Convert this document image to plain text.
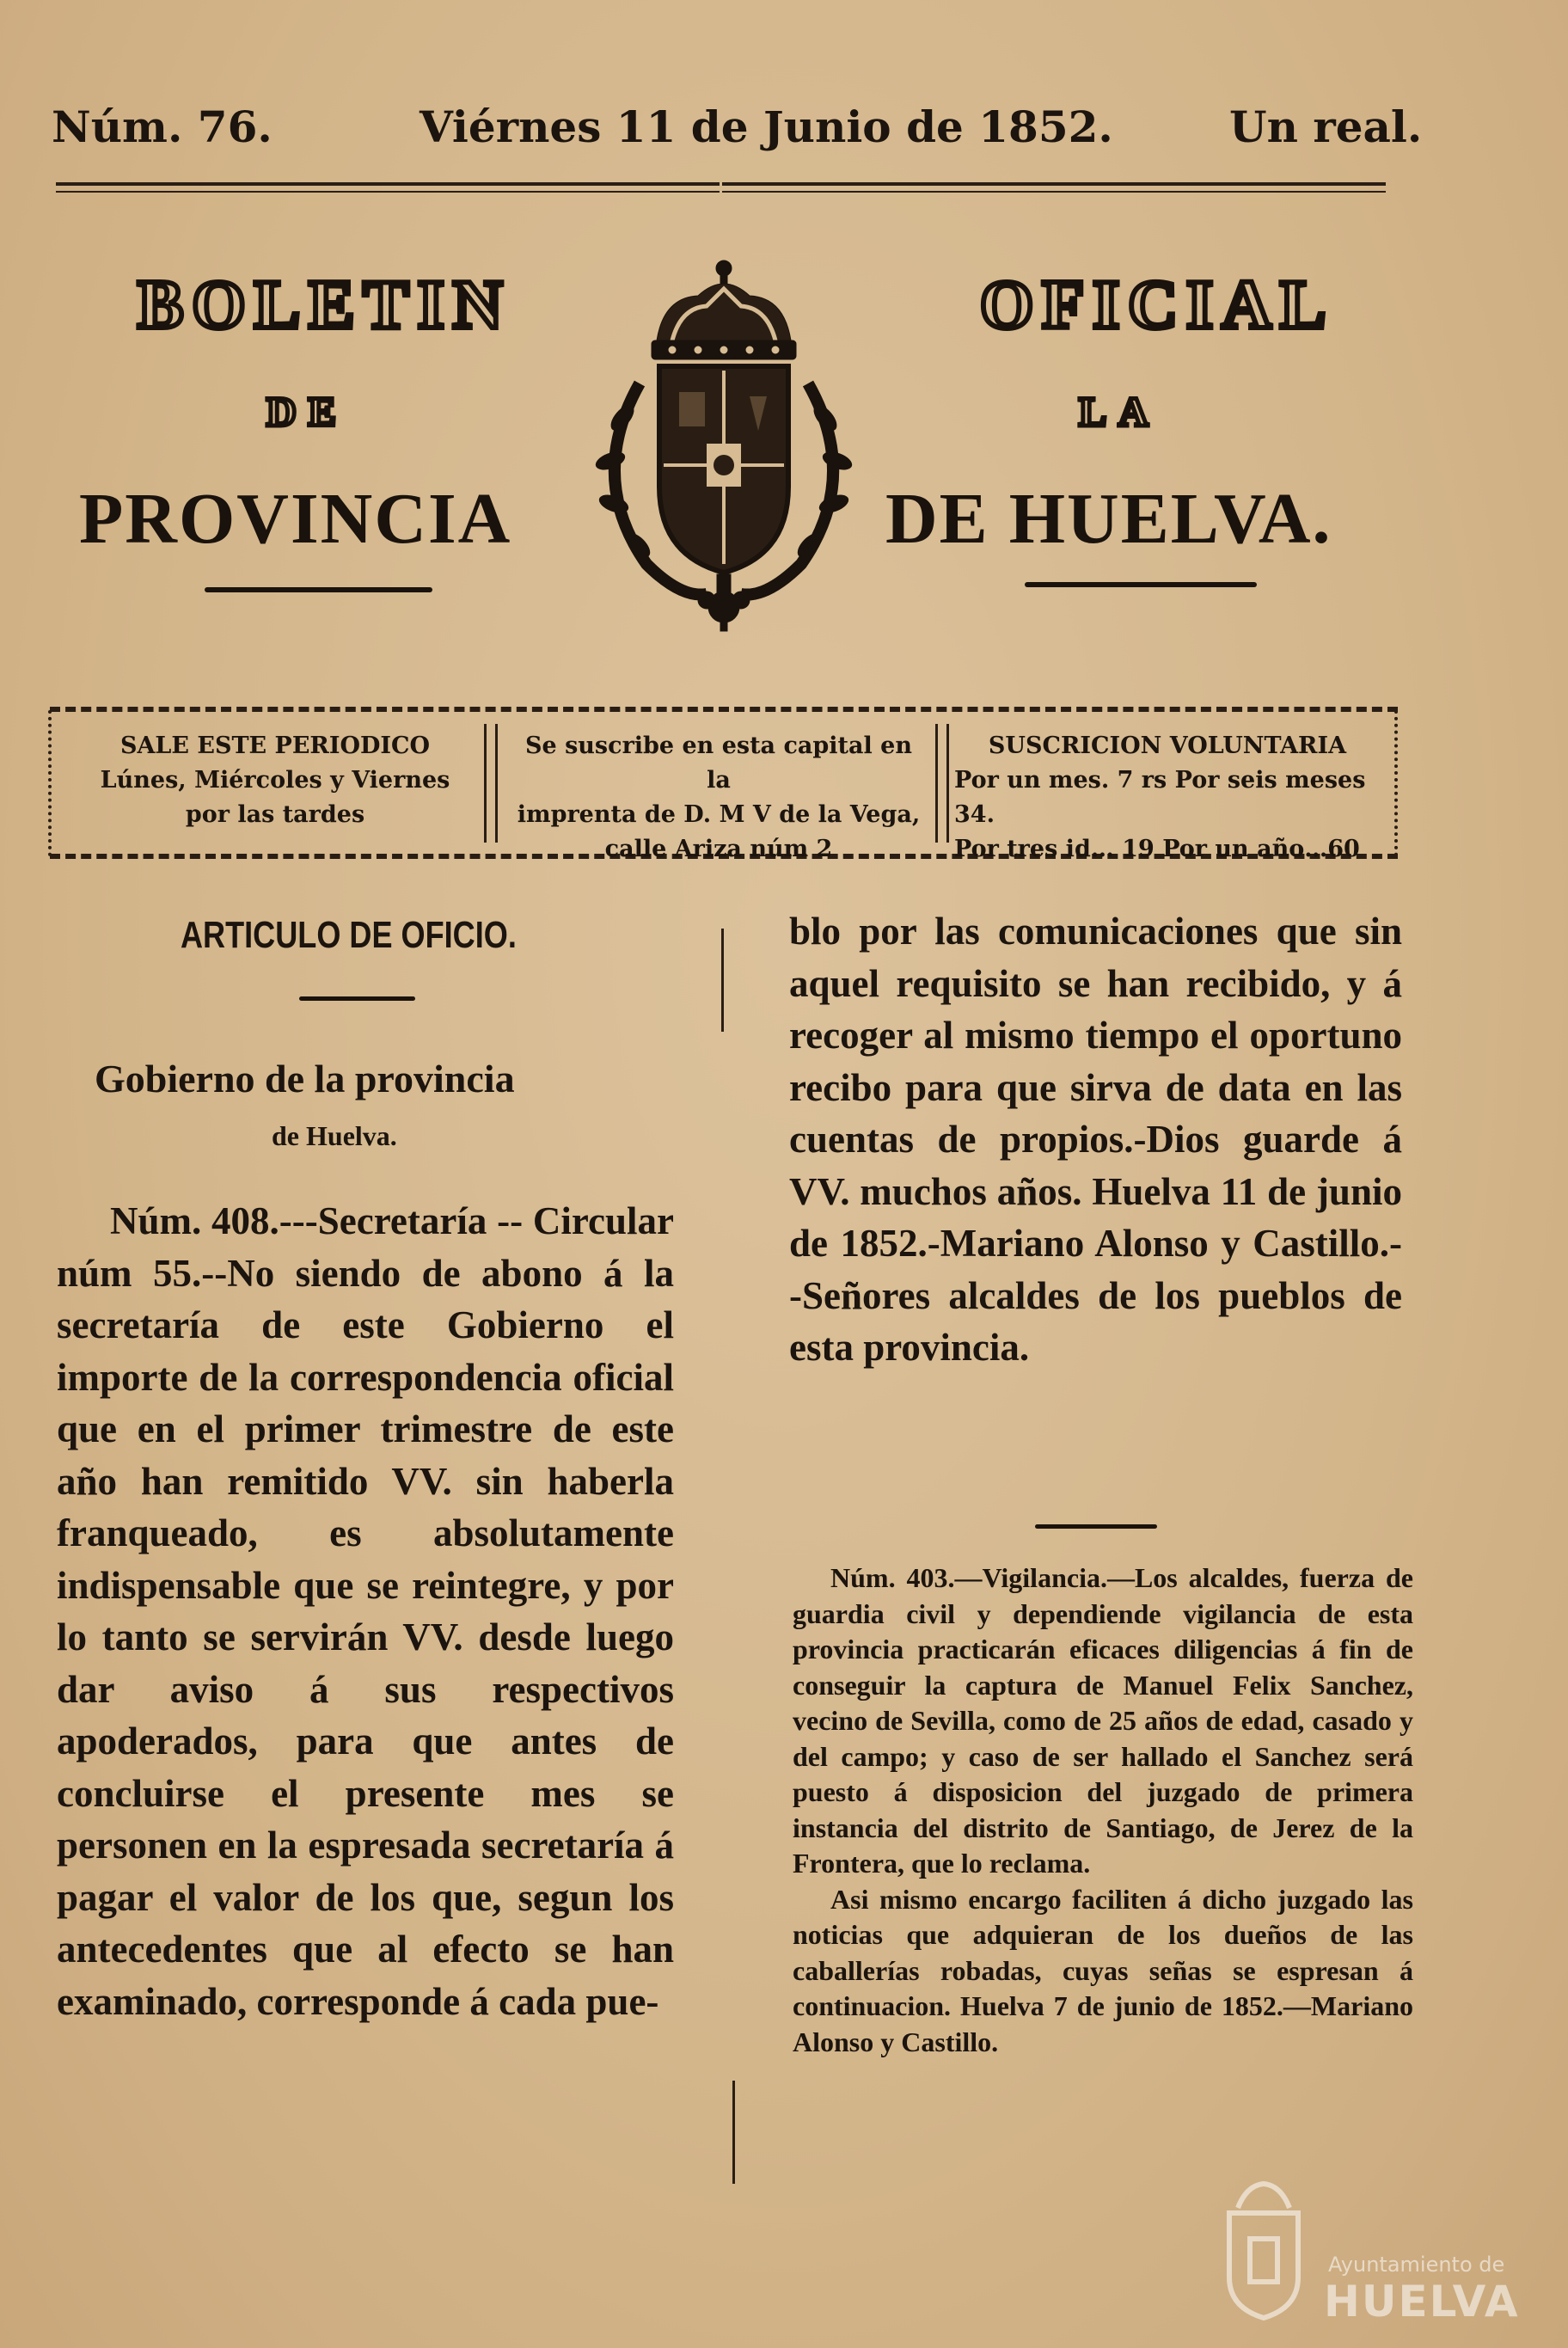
Núm. 76.	Viérnes 11 de Junio de 1852.	Un real.
BOLETIN	OFICIAL
DE	LA
PROVINCIA	DE HUELVA.
SALE ESTE PERIODICO
Lúnes, Miércoles y Viernes
por las tardes
Se suscribe en esta capital en la
imprenta de D. M V de la Vega,
calle Ariza núm 2
SUSCRICION VOLUNTARIA
Por un mes. 7 rs Por seis meses 34.
Por tres id… 19 Por un año…60
ARTICULO DE OFICIO.
Gobierno de la provincia
de Huelva.

Núm. 408.---Secretaría -- Circular núm 55.--No siendo de abono á la secretaría de este Gobierno el importe de la correspondencia oficial que en el primer trimestre de este año han remitido VV. sin haberla franqueado, es absolutamente indispensable que se reintegre, y por lo tanto se servirán VV. desde luego dar aviso á sus respectivos apoderados, para que antes de concluirse el presente mes se personen en la espresada secretaría á pagar el valor de los que, segun los antecedentes que al efecto se han examinado, corresponde á cada pue-

blo por las comunicaciones que sin aquel requisito se han recibido, y á recoger al mismo tiempo el oportuno recibo para que sirva de data en las cuentas de propios.-Dios guarde á VV. muchos años. Huelva 11 de junio de 1852.-Mariano Alonso y Castillo.--Señores alcaldes de los pueblos de esta provincia.

Núm. 403.—Vigilancia.—Los alcaldes, fuerza de guardia civil y dependiende vigilancia de esta provincia practicarán eficaces diligencias á fin de conseguir la captura de Manuel Felix Sanchez, vecino de Sevilla, como de 25 años de edad, casado y del campo; y caso de ser hallado el Sanchez será puesto á disposicion del juzgado de primera instancia del distrito de Santiago, de Jerez de la Frontera, que lo reclama.

Asi mismo encargo faciliten á dicho juzgado las noticias que adquieran de los dueños de las caballerías robadas, cuyas señas se espresan á continuacion. Huelva 7 de junio de 1852.—Mariano Alonso y Castillo.

Ayuntamiento de
HUELVA
